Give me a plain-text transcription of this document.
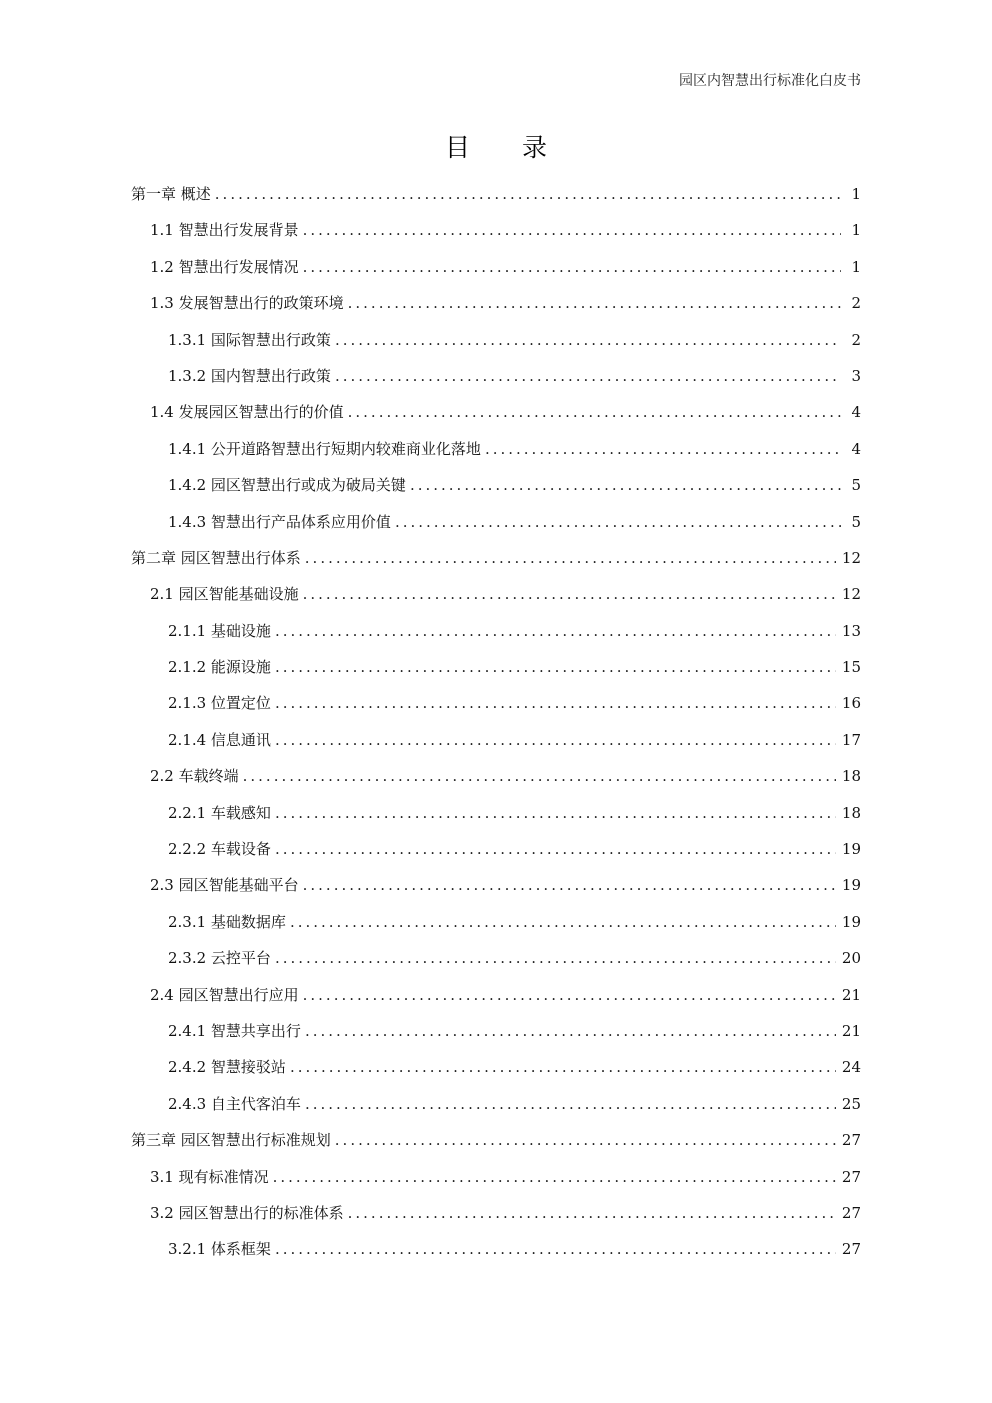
园区内智慧出行标准化白皮书
目 录
第一章 概述 .....	1
1.1 智慧出行发展背景 .....	1
1.2 智慧出行发展情况 .....	1
1.3 发展智慧出行的政策环境 .....	2
1.3.1 国际智慧出行政策 .....	2
1.3.2 国内智慧出行政策 .....	3
1.4 发展园区智慧出行的价值 .....	4
1.4.1 公开道路智慧出行短期内较难商业化落地 .....	4
1.4.2 园区智慧出行或成为破局关键 .....	5
1.4.3 智慧出行产品体系应用价值 .....	5
第二章 园区智慧出行体系 .....	12
2.1 园区智能基础设施 .....	12
2.1.1 基础设施 .....	13
2.1.2 能源设施 .....	15
2.1.3 位置定位 .....	16
2.1.4 信息通讯 .....	17
2.2 车载终端 .....	18
2.2.1 车载感知 .....	18
2.2.2 车载设备 .....	19
2.3 园区智能基础平台 .....	19
2.3.1 基础数据库 .....	19
2.3.2 云控平台 .....	20
2.4 园区智慧出行应用 .....	21
2.4.1 智慧共享出行 .....	21
2.4.2 智慧接驳站 .....	24
2.4.3 自主代客泊车 .....	25
第三章 园区智慧出行标准规划 .....	27
3.1 现有标准情况 .....	27
3.2 园区智慧出行的标准体系 .....	27
3.2.1 体系框架 .....	27
